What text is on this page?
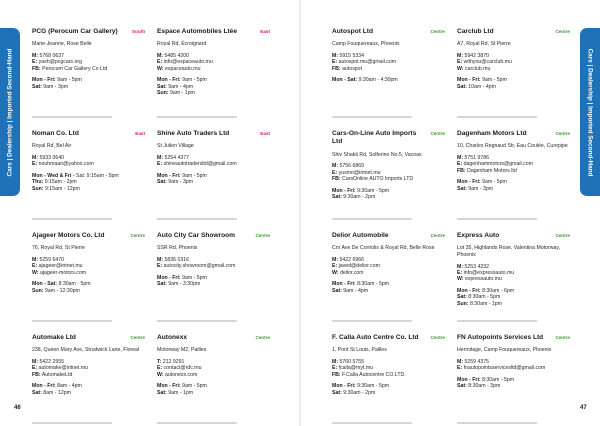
Cars | Dealership | Imported Second-Hand
PCG (Perocum Car Gallery)	South
Marie-Jeanne, Rose Belle
M: 5768 0637
E: yash@pcgcars.org
FB: Perocum Car Gallery Co Ltd
Mon - Fri: 9am - 5pm
Sat: 9am - 3pm
Espace Automobiles Ltée	East
Royal Rd, Écroignard
M: 5485 4200
E: info@espaceauto.mu
W: espaceauto.mu
Mon - Fri: 9am - 5pm
Sat: 9am - 4pm
Sun: 9am - 1pm
Noman Co. Ltd	East
Royal Rd, Bel Air
M: 5933 0640
E: nouhmaan@yahoo.com
Mon - Wed & Fri - Sat: 9:15am - 5pm
Thu: 9:15am - 2pm
Sun: 9:15am - 12pm
Shine Auto Traders Ltd	East
St Julien Village
M: 5254 4377
E: shineautotradersltd@gmail.com
Mon - Fri: 9am - 5pm
Sat: 9am - 3pm
Ajageer Motors Co. Ltd	Centre
76, Royal Rd, St Pierre
M: 5259 6470
E: ajageer@intnet.mu
W: ajageer-motors.com
Mon - Sat: 8:30am - 5pm
Sun: 9am - 12:30pm
Auto City Car Showroom	Centre
SSR Rd, Phoenix
M: 5836 0316
E: autocity.showroom@gmail.com
Mon - Fri: 9am - 5pm
Sat: 9am - 3:30pm
Automake Ltd	Centre
238, Queen Mary Ave, Strudwick Lane, Floreal
M: 5422 2555
E: automake@intnet.mu
FB: AutomakeLtd
Mon - Fri: 8am - 4pm
Sat: 8am - 12pm
Autonexx	Centre
Motorway M2, Pailles
T: 212 9291
E: contact@rdc.mu
W: autonexx.com
Mon - Fri: 9am - 5pm
Sat: 9am - 1pm
46
Cars | Dealership | Imported Second-Hand
Autospot Ltd	Centre
Camp Fouquereaux, Phoenix
M: 5915 5334
E: autospot.mu@gmail.com
FB: autospot
Mon - Sat: 9:30am - 4:30pm
Carclub Ltd	Centre
A7, Royal Rd, St Pierre
M: 5942 3870
E: withyou@carclub.mu
W: carclub.mu
Mon - Fri: 9am - 5pm
Sat: 10am - 4pm
Cars-On-Line Auto Imports Ltd
Centre
Shiv Shakti Rd, Solferino No.5, Vacoas
M: 5756 6869
E: yusmo@intnet.mu
FB: CarsOnline AUTO Imports LTD
Mon - Fri: 9:30am - 5pm
Sat: 9:30am - 2pm
Dagenham Motors Ltd	Centre
10, Charles Regnaud Str, Eau Coulée, Curepipe
M: 5751 9786
E: dagenhammotors@gmail.com
FB: Dagenham Motors ltd
Mon - Fri: 9am - 5pm
Sat: 9am - 3pm
Delior Automobile	Centre
Cnr Ave De Corriolis & Royal Rd, Belle Rose
M: 5422 6966
E: javed@delior.com
W: delior.com
Mon - Fri: 8:30am - 5pm
Sat: 9am - 4pm
Express Auto	Centre
Lot 35, Highlands Rose, Valentina Motorway, Phoenix
M: 5253 4232
E: info@expressauto.mu
W: expressauto.mu
Mon - Fri: 8:30am - 6pm
Sat: 8:30am - 5pm
Sun: 8:30am - 1pm
F. Calla Auto Centre Co. Ltd	Centre
1, Pont St Louis, Pailles
M: 5760 5755
E: fcalla@myt.mu
FB: F.Calla Autocentre CO.LTD.
Mon - Fri: 9:30am - 5pm
Sat: 9:30am - 2pm
FN Autopoints Services Ltd	Centre
Hermitage, Camp Fouquereaux, Phoenix
M: 5259 4375
E: fnautopointsservicesltd@gmail.com
Mon - Fri: 8:30am - 5pm
Sat: 8:30am - 3pm
47
